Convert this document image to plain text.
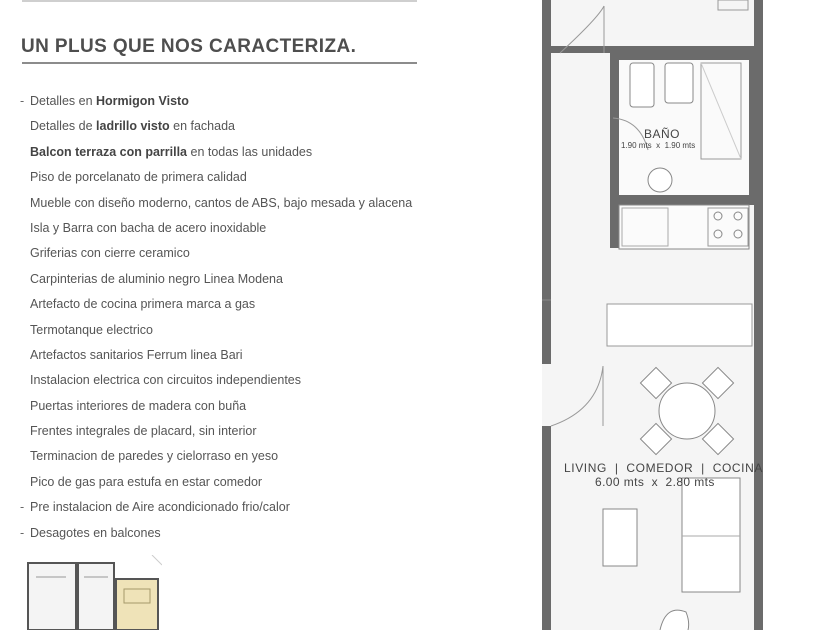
UN PLUS QUE NOS CARACTERIZA.
- Detalles en Hormigon Visto
Detalles de ladrillo visto en fachada
Balcon terraza con parrilla en todas las unidades
Piso de porcelanato de primera calidad
Mueble con diseño moderno, cantos de ABS, bajo mesada y alacena
Isla y Barra con bacha de acero inoxidable
Griferias con cierre ceramico
Carpinterias de aluminio negro Linea Modena
Artefacto de cocina primera marca a gas
Termotanque electrico
Artefactos sanitarios Ferrum linea Bari
Instalacion electrica con circuitos independientes
Puertas interiores de madera con buña
Frentes integrales de placard, sin interior
Terminacion de paredes y cielorraso en yeso
Pico de gas para estufa en estar comedor
- Pre instalacion de Aire acondicionado frio/calor
- Desagotes en balcones
BAÑO
1.90 mts  x  1.90 mts
LIVING  |  COMEDOR  |  COCINA
6.00 mts  x  2.80 mts
